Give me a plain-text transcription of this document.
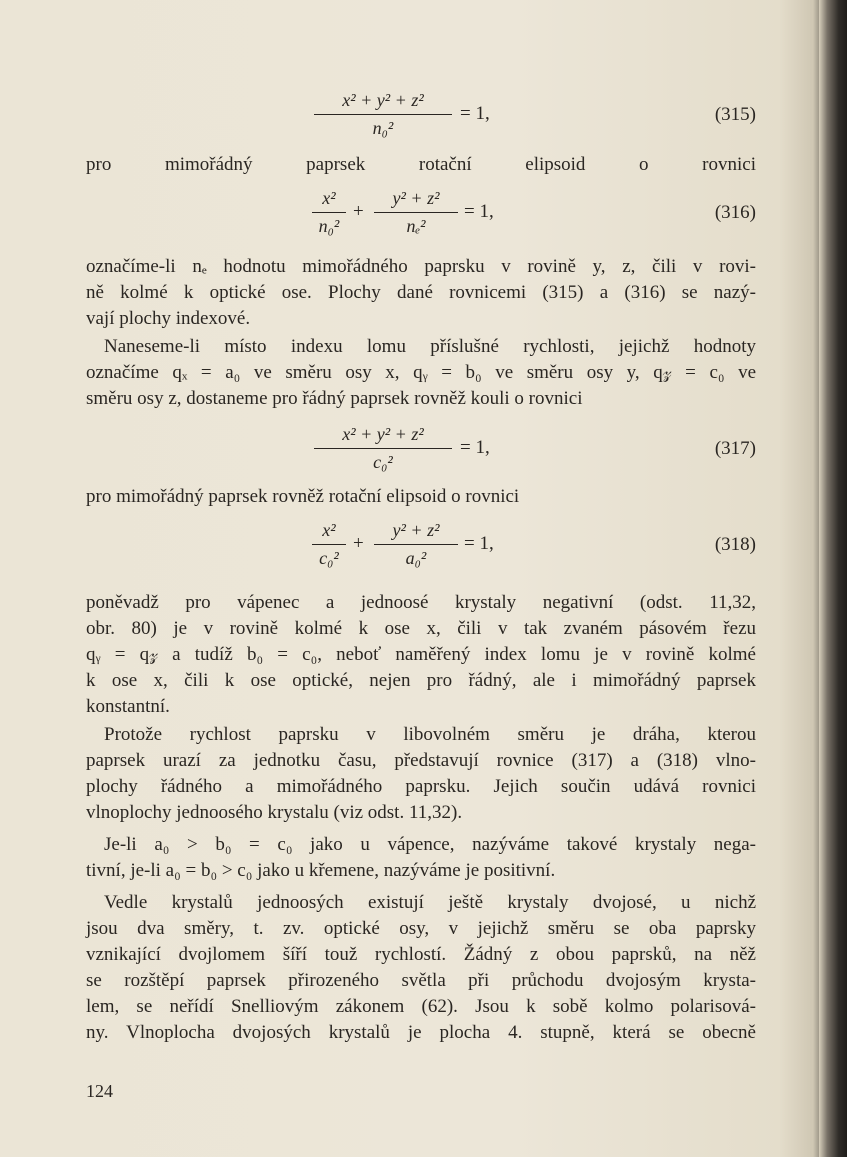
x² + y² + z²
n₀²
= 1,	(315)
pro mimořádný paprsek rotační elipsoid o rovnici
x²
n₀²
+
y² + z²
nₑ²
= 1,	(316)
označíme-li nₑ hodnotu mimořádného paprsku v rovině y, z, čili v rovi-
ně kolmé k optické ose. Plochy dané rovnicemi (315) a (316) se nazý-
vají plochy indexové.
Naneseme-li místo indexu lomu příslušné rychlosti, jejichž hodnoty
označíme qₓ = a₀ ve směru osy x, qᵧ = b₀ ve směru osy y, q𝓏 = c₀ ve
směru osy z, dostaneme pro řádný paprsek rovněž kouli o rovnici
x² + y² + z²
c₀²
= 1,	(317)
pro mimořádný paprsek rovněž rotační elipsoid o rovnici
x²
c₀²
+
y² + z²
a₀²
= 1,	(318)
poněvadž pro vápenec a jednoosé krystaly negativní (odst. 11,32,
obr. 80) je v rovině kolmé k ose x, čili v tak zvaném pásovém řezu
qᵧ = q𝓏 a tudíž b₀ = c₀, neboť naměřený index lomu je v rovině kolmé
k ose x, čili k ose optické, nejen pro řádný, ale i mimořádný paprsek
konstantní.
Protože rychlost paprsku v libovolném směru je dráha, kterou
paprsek urazí za jednotku času, představují rovnice (317) a (318) vlno-
plochy řádného a mimořádného paprsku. Jejich součin udává rovnici
vlnoplochy jednoosého krystalu (viz odst. 11,32).
Je-li a₀ > b₀ = c₀ jako u vápence, nazýváme takové krystaly nega-
tivní, je-li a₀ = b₀ > c₀ jako u křemene, nazýváme je positivní.
Vedle krystalů jednoosých existují ještě krystaly dvojosé, u nichž
jsou dva směry, t. zv. optické osy, v jejichž směru se oba paprsky
vznikající dvojlomem šíří touž rychlostí. Žádný z obou paprsků, na něž
se rozštěpí paprsek přirozeného světla při průchodu dvojosým krysta-
lem, se neřídí Snelliovým zákonem (62). Jsou k sobě kolmo polarisová-
ny. Vlnoplocha dvojosých krystalů je plocha 4. stupně, která se obecně
124
